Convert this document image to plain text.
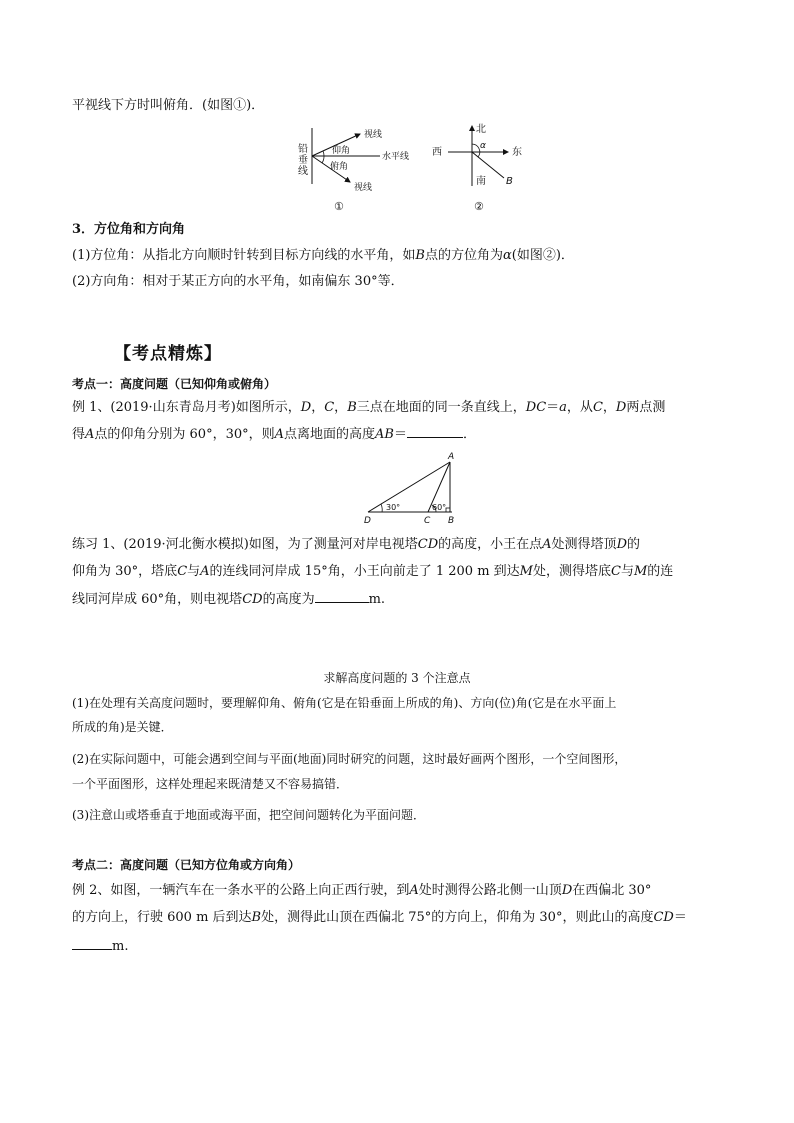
平视线下方时叫俯角．(如图①)．
铅
垂
线
视线
仰角
水平线
俯角
视线
①
北
西	东
南
α
B
②
3．方位角和方向角
(1)方位角：从指北方向顺时针转到目标方向线的水平角，如B点的方位角为α(如图②)．
(2)方向角：相对于某正方向的水平角，如南偏东 30°等．
【考点精炼】
考点一：高度问题（已知仰角或俯角）
例 1、(2019·山东青岛月考)如图所示，D，C，B三点在地面的同一条直线上，DC＝a，从C，D两点测
得A点的仰角分别为 60°，30°，则A点离地面的高度AB＝	．
A
D	C B
30°	60°
练习 1、(2019·河北衡水模拟)如图，为了测量河对岸电视塔CD的高度，小王在点A处测得塔顶D的
仰角为 30°，塔底C与A的连线同河岸成 15°角，小王向前走了 1 200 m 到达M处，测得塔底C与M的连
线同河岸成 60°角，则电视塔CD的高度为	m.
求解高度问题的 3 个注意点
(1)在处理有关高度问题时，要理解仰角、俯角(它是在铅垂面上所成的角)、方向(位)角(它是在水平面上
所成的角)是关键．
(2)在实际问题中，可能会遇到空间与平面(地面)同时研究的问题，这时最好画两个图形，一个空间图形，
一个平面图形，这样处理起来既清楚又不容易搞错．
(3)注意山或塔垂直于地面或海平面，把空间问题转化为平面问题．
考点二：高度问题（已知方位角或方向角）
例 2、如图，一辆汽车在一条水平的公路上向正西行驶，到A处时测得公路北侧一山顶D在西偏北 30°
的方向上，行驶 600 m 后到达B处，测得此山顶在西偏北 75°的方向上，仰角为 30°，则此山的高度CD＝
m.
